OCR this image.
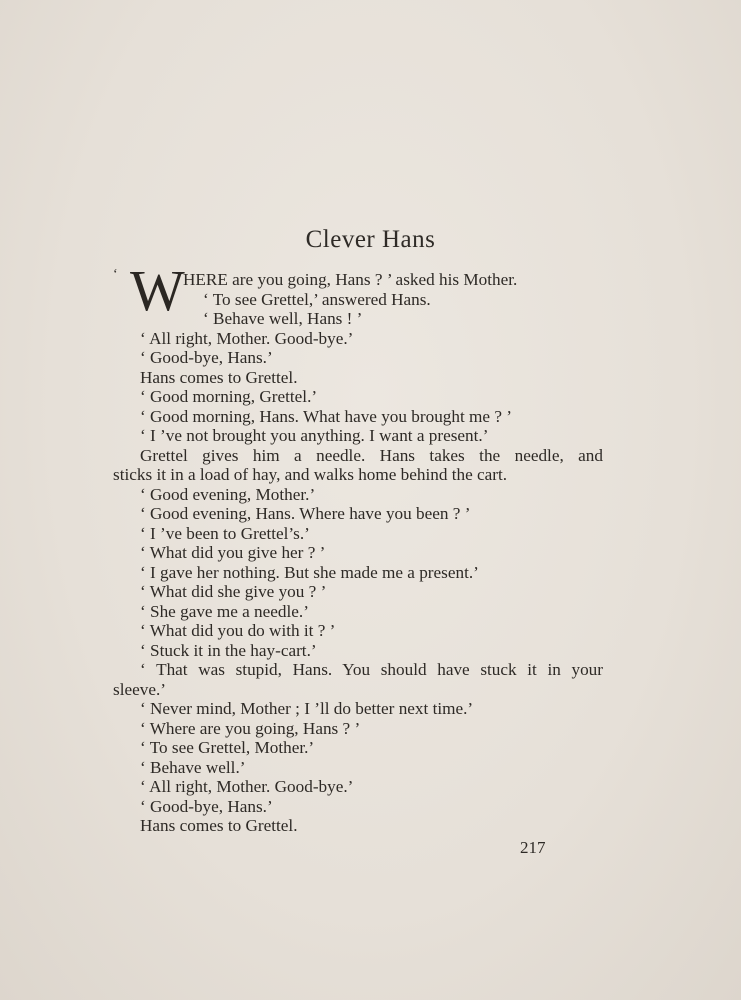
Clever Hans
‘ W HERE are you going, Hans ? ’ asked his Mother.
‘ To see Grettel,’ answered Hans.
‘ Behave well, Hans ! ’
‘ All right, Mother. Good-bye.’
‘ Good-bye, Hans.’
Hans comes to Grettel.
‘ Good morning, Grettel.’
‘ Good morning, Hans. What have you brought me ? ’
‘ I ’ve not brought you anything. I want a present.’
Grettel gives him a needle. Hans takes the needle, and
sticks it in a load of hay, and walks home behind the cart.
‘ Good evening, Mother.’
‘ Good evening, Hans. Where have you been ? ’
‘ I ’ve been to Grettel’s.’
‘ What did you give her ? ’
‘ I gave her nothing. But she made me a present.’
‘ What did she give you ? ’
‘ She gave me a needle.’
‘ What did you do with it ? ’
‘ Stuck it in the hay-cart.’
‘ That was stupid, Hans. You should have stuck it in your
sleeve.’
‘ Never mind, Mother ; I ’ll do better next time.’
‘ Where are you going, Hans ? ’
‘ To see Grettel, Mother.’
‘ Behave well.’
‘ All right, Mother. Good-bye.’
‘ Good-bye, Hans.’
Hans comes to Grettel.
217
